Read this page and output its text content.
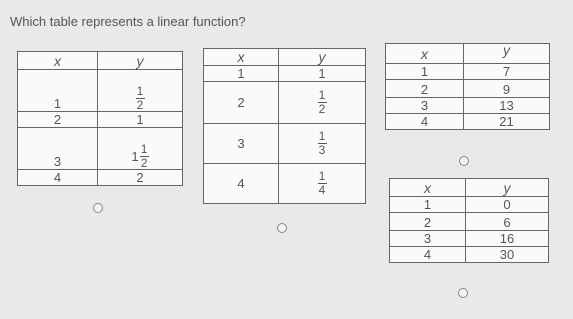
Which table represents a linear function?
x	y
1	$\frac{1}{2}$

2	1
3	$1 \frac{1}{2}$

4	2
x	y
1	1
2	$\frac{1}{2}$

3	$\frac{1}{3}$

4	$\frac{1}{4}$
x	y
1	7
2	9
3	13
4	21
x	y
1	0
2	6
3	16
4	30
